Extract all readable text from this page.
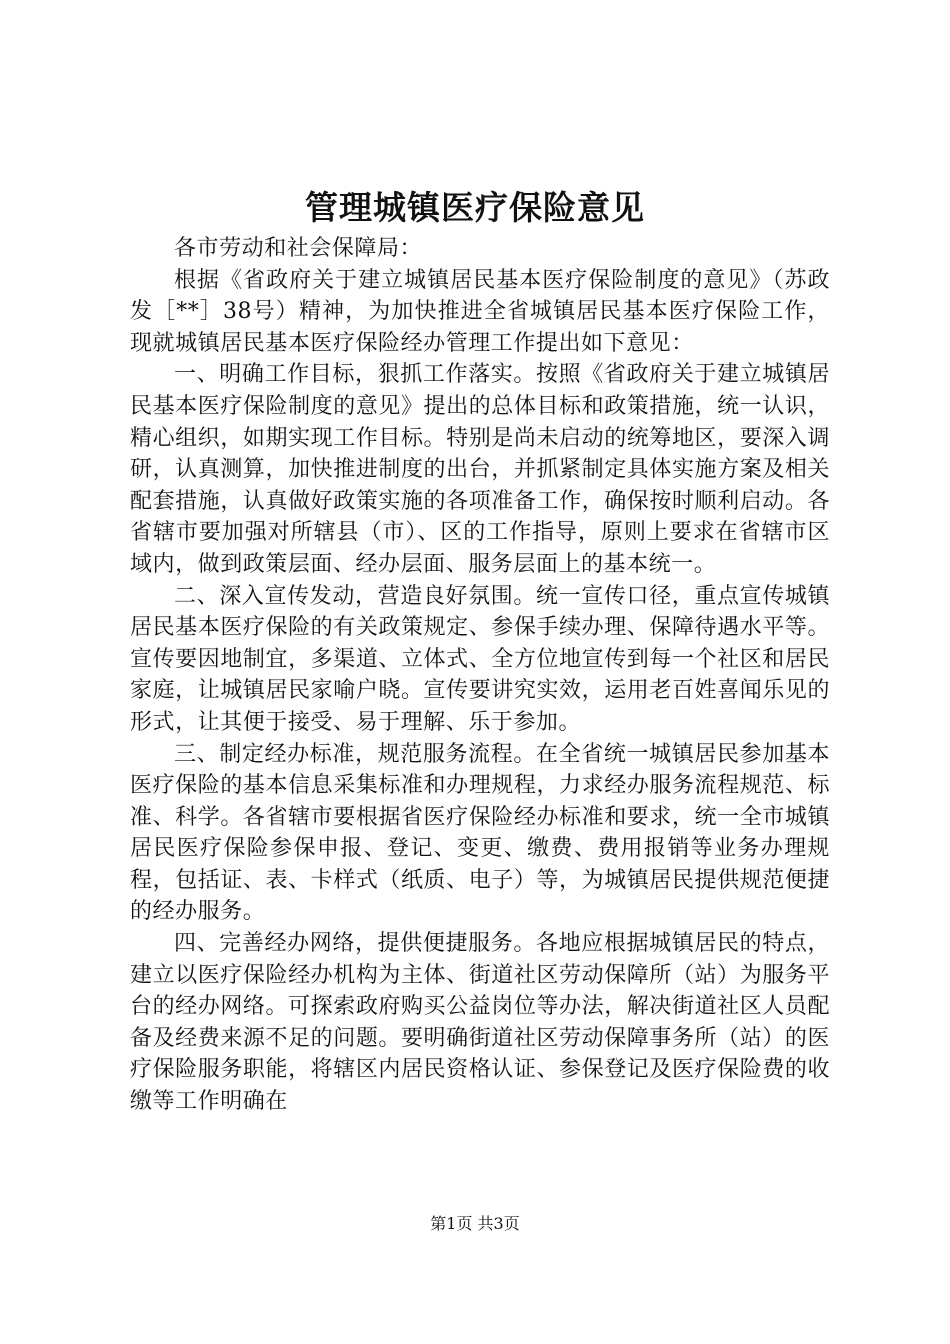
管理城镇医疗保险意见

各市劳动和社会保障局：

根据《省政府关于建立城镇居民基本医疗保险制度的意见》（苏政发［**］38号）精神，为加快推进全省城镇居民基本医疗保险工作，现就城镇居民基本医疗保险经办管理工作提出如下意见：

一、明确工作目标，狠抓工作落实。按照《省政府关于建立城镇居民基本医疗保险制度的意见》提出的总体目标和政策措施，统一认识，精心组织，如期实现工作目标。特别是尚未启动的统筹地区，要深入调研，认真测算，加快推进制度的出台，并抓紧制定具体实施方案及相关配套措施，认真做好政策实施的各项准备工作，确保按时顺利启动。各省辖市要加强对所辖县（市）、区的工作指导，原则上要求在省辖市区域内，做到政策层面、经办层面、服务层面上的基本统一。

二、深入宣传发动，营造良好氛围。统一宣传口径，重点宣传城镇居民基本医疗保险的有关政策规定、参保手续办理、保障待遇水平等。宣传要因地制宜，多渠道、立体式、全方位地宣传到每一个社区和居民家庭，让城镇居民家喻户晓。宣传要讲究实效，运用老百姓喜闻乐见的形式，让其便于接受、易于理解、乐于参加。

三、制定经办标准，规范服务流程。在全省统一城镇居民参加基本医疗保险的基本信息采集标准和办理规程，力求经办服务流程规范、标准、科学。各省辖市要根据省医疗保险经办标准和要求，统一全市城镇居民医疗保险参保申报、登记、变更、缴费、费用报销等业务办理规程，包括证、表、卡样式（纸质、电子）等，为城镇居民提供规范便捷的经办服务。

四、完善经办网络，提供便捷服务。各地应根据城镇居民的特点，建立以医疗保险经办机构为主体、街道社区劳动保障所（站）为服务平台的经办网络。可探索政府购买公益岗位等办法，解决街道社区人员配备及经费来源不足的问题。要明确街道社区劳动保障事务所（站）的医疗保险服务职能，将辖区内居民资格认证、参保登记及医疗保险费的收缴等工作明确在

第1页 共3页
